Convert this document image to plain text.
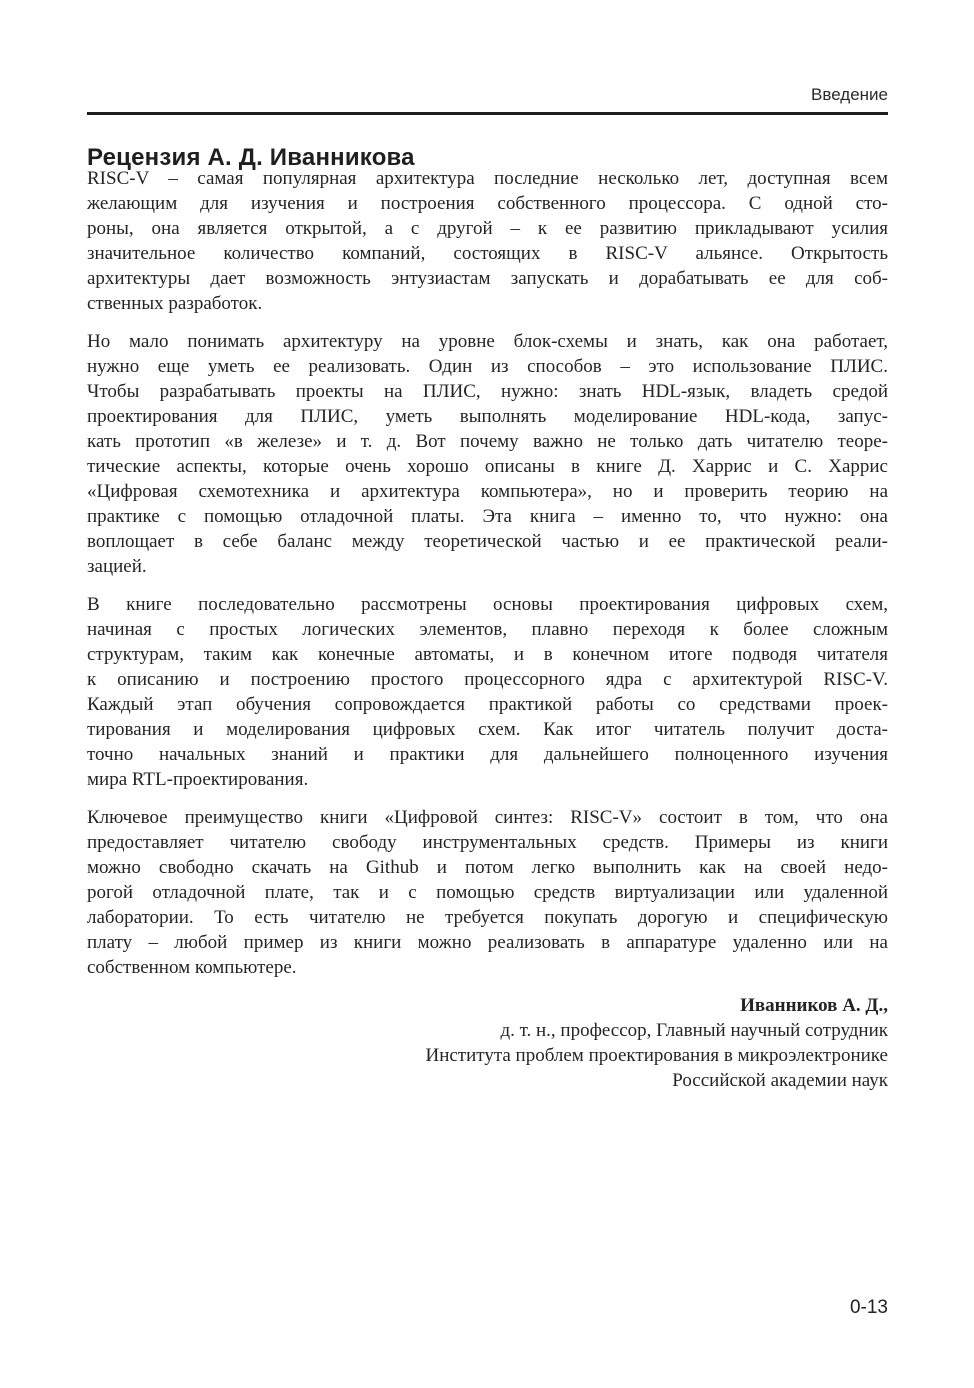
Введение
Рецензия А. Д. Иванникова

RISC-V – самая популярная архитектура последние несколько лет, доступная всем
желающим для изучения и построения собственного процессора. С одной сто-
роны, она является открытой, а с другой – к ее развитию прикладывают усилия
значительное количество компаний, состоящих в RISC-V альянсе. Открытость
архитектуры дает возможность энтузиастам запускать и дорабатывать ее для соб-
ственных разработок.

Но мало понимать архитектуру на уровне блок-схемы и знать, как она работает,
нужно еще уметь ее реализовать. Один из способов – это использование ПЛИС.
Чтобы разрабатывать проекты на ПЛИС, нужно: знать HDL-язык, владеть средой
проектирования для ПЛИС, уметь выполнять моделирование HDL-кода, запус-
кать прототип «в железе» и т. д. Вот почему важно не только дать читателю теоре-
тические аспекты, которые очень хорошо описаны в книге Д. Харрис и С. Харрис
«Цифровая схемотехника и архитектура компьютера», но и проверить теорию на
практике с помощью отладочной платы. Эта книга – именно то, что нужно: она
воплощает в себе баланс между теоретической частью и ее практической реали-
зацией.

В книге последовательно рассмотрены основы проектирования цифровых схем,
начиная с простых логических элементов, плавно переходя к более сложным
структурам, таким как конечные автоматы, и в конечном итоге подводя читателя
к описанию и построению простого процессорного ядра с архитектурой RISC-V.
Каждый этап обучения сопровождается практикой работы со средствами проек-
тирования и моделирования цифровых схем. Как итог читатель получит доста-
точно начальных знаний и практики для дальнейшего полноценного изучения
мира RTL-проектирования.

Ключевое преимущество книги «Цифровой синтез: RISC-V» состоит в том, что она
предоставляет читателю свободу инструментальных средств. Примеры из книги
можно свободно скачать на Github и потом легко выполнить как на своей недо-
рогой отладочной плате, так и с помощью средств виртуализации или удаленной
лаборатории. То есть читателю не требуется покупать дорогую и специфическую
плату – любой пример из книги можно реализовать в аппаратуре удаленно или на
собственном компьютере.

Иванников А. Д.,
д. т. н., профессор, Главный научный сотрудник
Института проблем проектирования в микроэлектронике
Российской академии наук
0-13
